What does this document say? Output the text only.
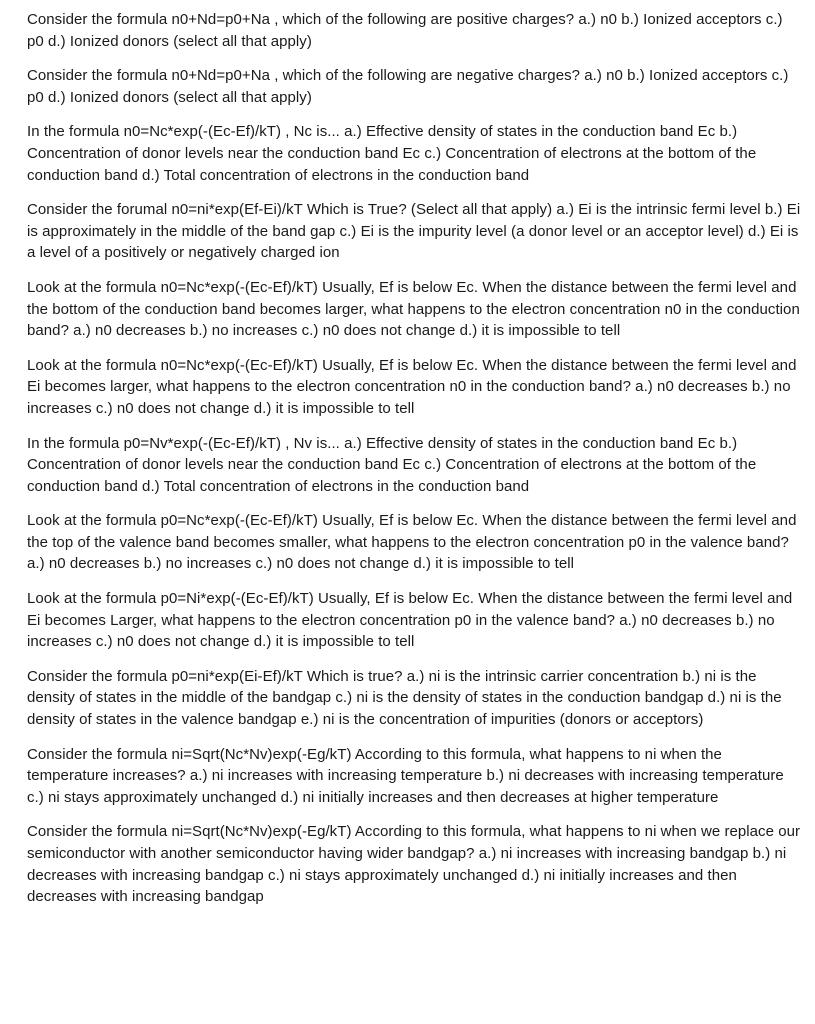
Consider the formula n0+Nd=p0+Na , which of the following are positive charges? a.) n0 b.) Ionized acceptors c.) p0 d.) Ionized donors (select all that apply)

Consider the formula n0+Nd=p0+Na , which of the following are negative charges? a.) n0 b.) Ionized acceptors c.) p0 d.) Ionized donors (select all that apply)

In the formula n0=Nc*exp(-(Ec-Ef)/kT) , Nc is... a.) Effective density of states in the conduction band Ec b.) Concentration of donor levels near the conduction band Ec c.) Concentration of electrons at the bottom of the conduction band d.) Total concentration of electrons in the conduction band

Consider the forumal n0=ni*exp(Ef-Ei)/kT Which is True? (Select all that apply) a.) Ei is the intrinsic fermi level b.) Ei is approximately in the middle of the band gap c.) Ei is the impurity level (a donor level or an acceptor level) d.) Ei is a level of a positively or negatively charged ion

Look at the formula n0=Nc*exp(-(Ec-Ef)/kT) Usually, Ef is below Ec. When the distance between the fermi level and the bottom of the conduction band becomes larger, what happens to the electron concentration n0 in the conduction band? a.) n0 decreases b.) no increases c.) n0 does not change d.) it is impossible to tell

Look at the formula n0=Nc*exp(-(Ec-Ef)/kT) Usually, Ef is below Ec. When the distance between the fermi level and Ei becomes larger, what happens to the electron concentration n0 in the conduction band? a.) n0 decreases b.) no increases c.) n0 does not change d.) it is impossible to tell

In the formula p0=Nv*exp(-(Ec-Ef)/kT) , Nv is... a.) Effective density of states in the conduction band Ec b.) Concentration of donor levels near the conduction band Ec c.) Concentration of electrons at the bottom of the conduction band d.) Total concentration of electrons in the conduction band

Look at the formula p0=Nc*exp(-(Ec-Ef)/kT) Usually, Ef is below Ec. When the distance between the fermi level and the top of the valence band becomes smaller, what happens to the electron concentration p0 in the valence band? a.) n0 decreases b.) no increases c.) n0 does not change d.) it is impossible to tell

Look at the formula p0=Ni*exp(-(Ec-Ef)/kT) Usually, Ef is below Ec. When the distance between the fermi level and Ei becomes Larger, what happens to the electron concentration p0 in the valence band? a.) n0 decreases b.) no increases c.) n0 does not change d.) it is impossible to tell

Consider the formula p0=ni*exp(Ei-Ef)/kT Which is true? a.) ni is the intrinsic carrier concentration b.) ni is the density of states in the middle of the bandgap c.) ni is the density of states in the conduction bandgap d.) ni is the density of states in the valence bandgap e.) ni is the concentration of impurities (donors or acceptors)

Consider the formula ni=Sqrt(Nc*Nv)exp(-Eg/kT) According to this formula, what happens to ni when the temperature increases? a.) ni increases with increasing temperature b.) ni decreases with increasing temperature c.) ni stays approximately unchanged d.) ni initially increases and then decreases at higher temperature

Consider the formula ni=Sqrt(Nc*Nv)exp(-Eg/kT) According to this formula, what happens to ni when we replace our semiconductor with another semiconductor having wider bandgap? a.) ni increases with increasing bandgap b.) ni decreases with increasing bandgap c.) ni stays approximately unchanged d.) ni initially increases and then decreases with increasing bandgap
